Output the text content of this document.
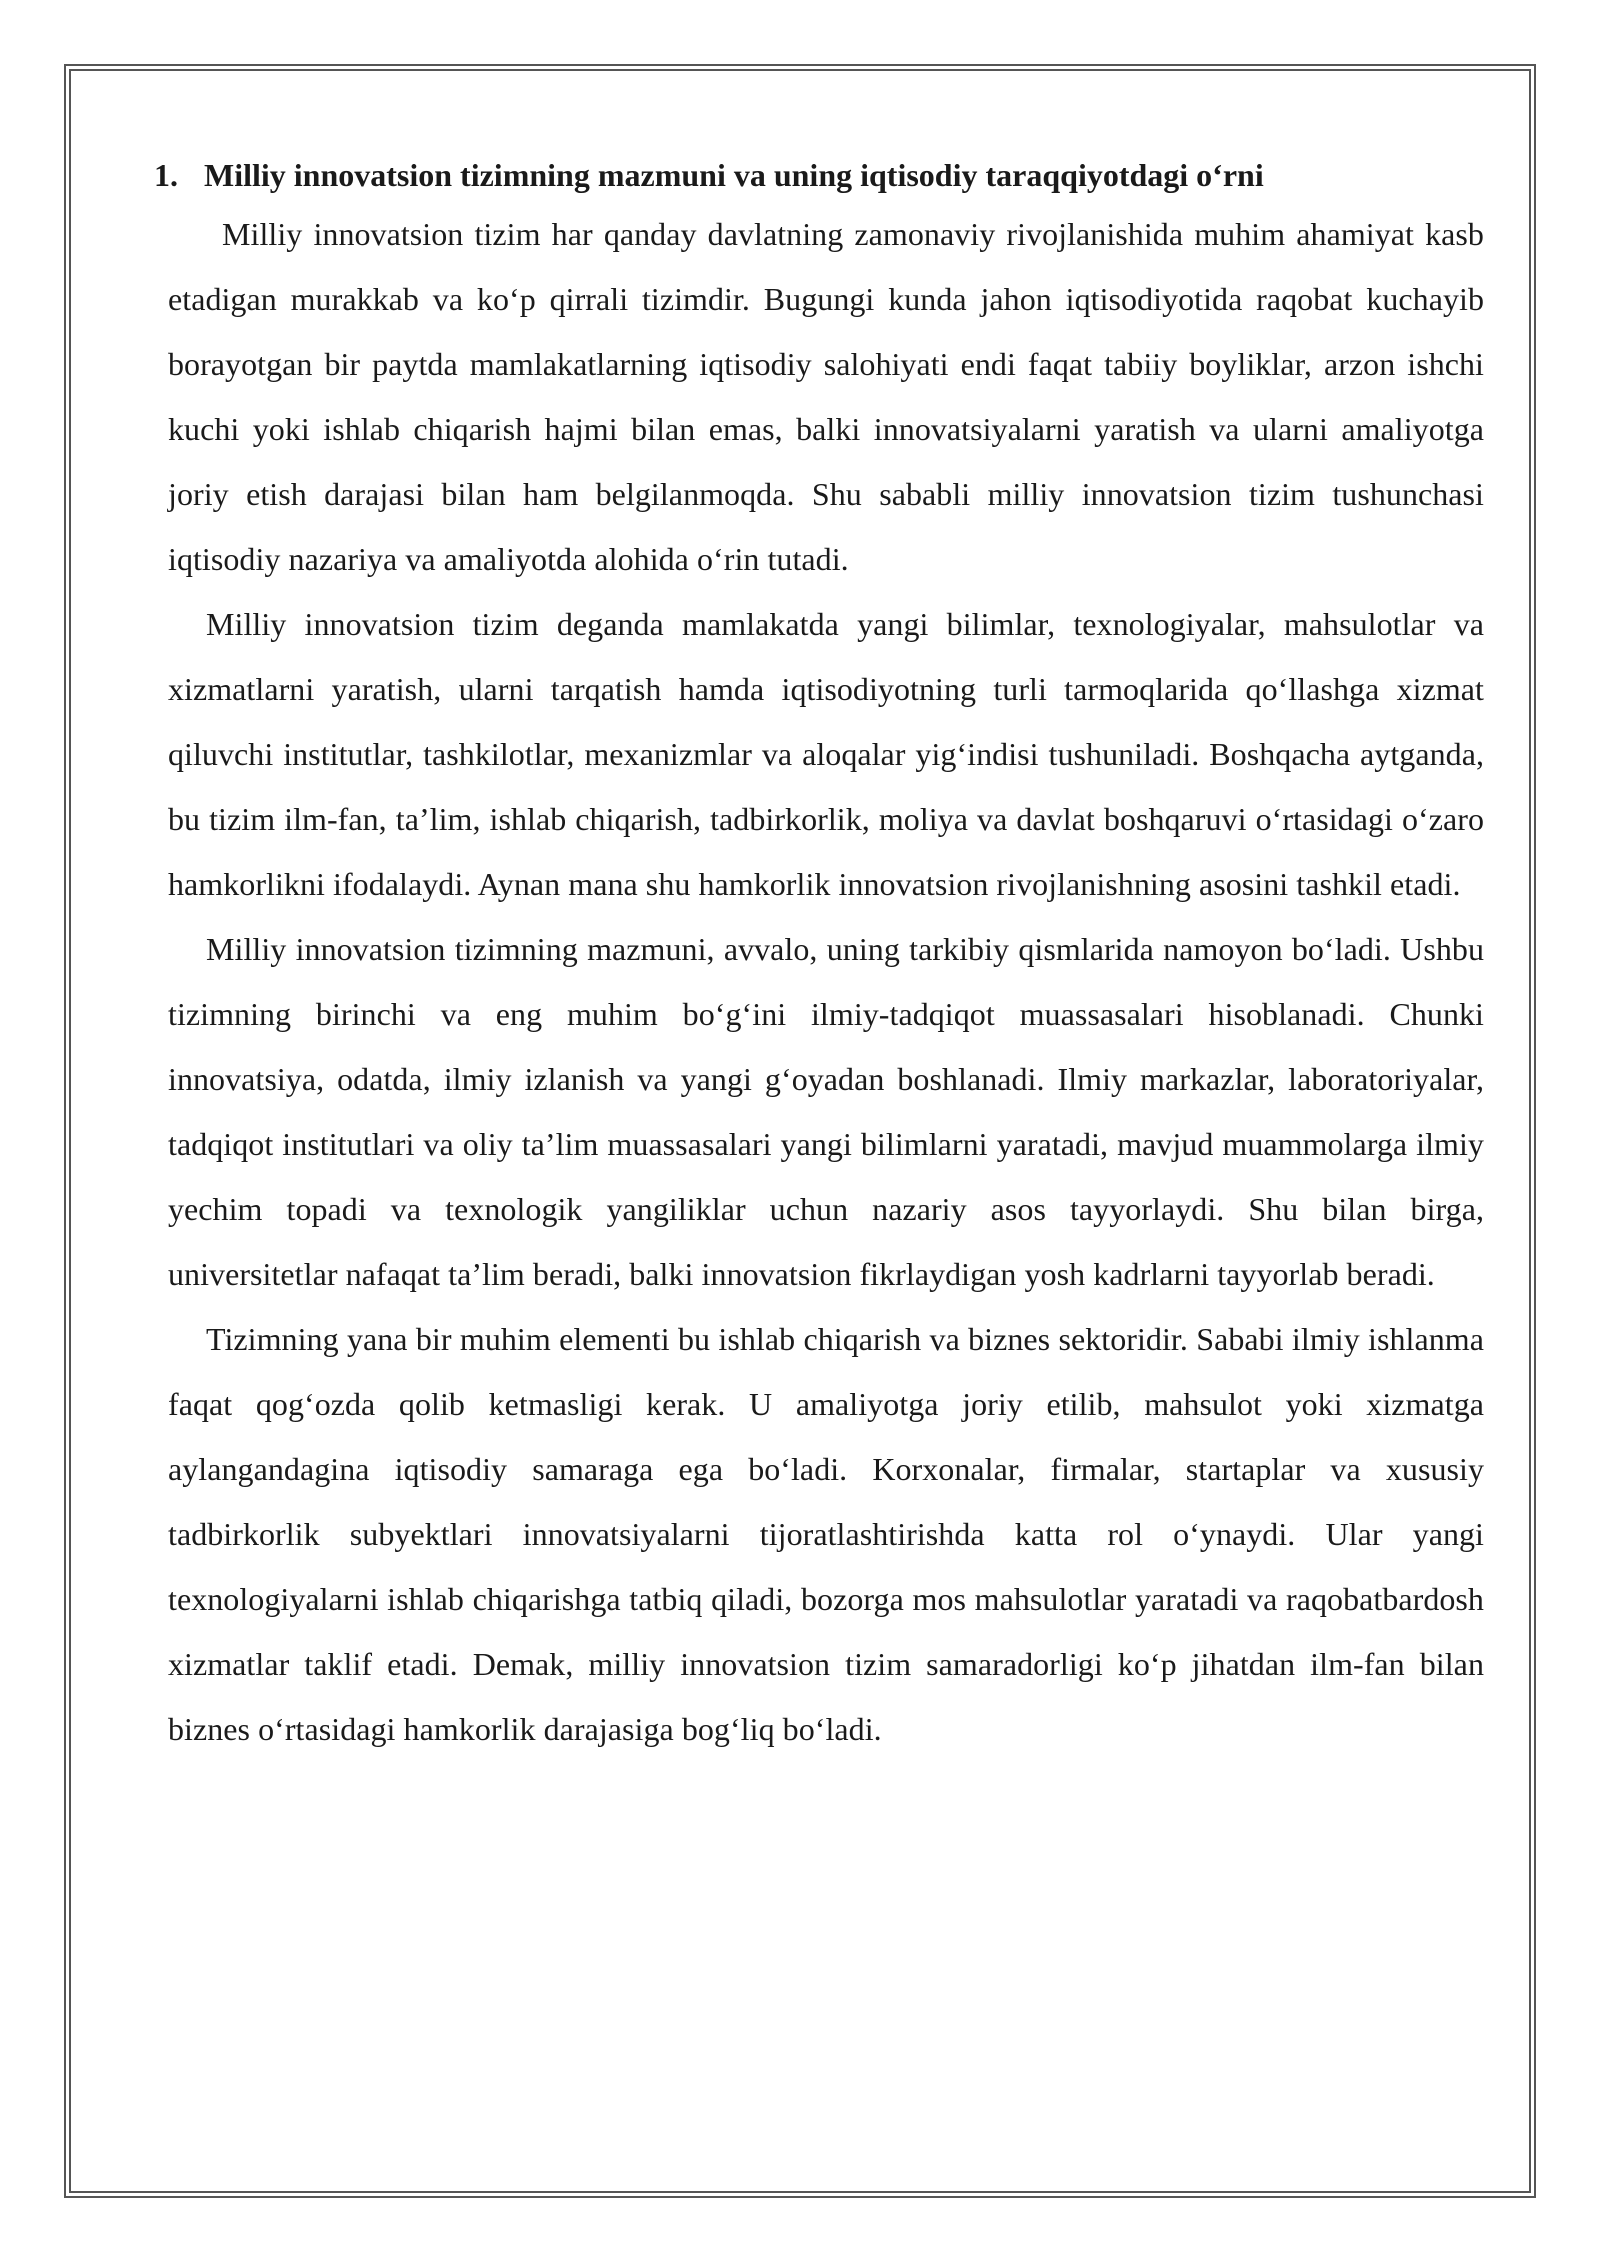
1. Milliy innovatsion tizimning mazmuni va uning iqtisodiy taraqqiyotdagi o‘rni

Milliy innovatsion tizim har qanday davlatning zamonaviy rivojlanishida muhim ahamiyat kasb etadigan murakkab va ko‘p qirrali tizimdir. Bugungi kunda jahon iqtisodiyotida raqobat kuchayib borayotgan bir paytda mamlakatlarning iqtisodiy salohiyati endi faqat tabiiy boyliklar, arzon ishchi kuchi yoki ishlab chiqarish hajmi bilan emas, balki innovatsiyalarni yaratish va ularni amaliyotga joriy etish darajasi bilan ham belgilanmoqda. Shu sababli milliy innovatsion tizim tushunchasi iqtisodiy nazariya va amaliyotda alohida o‘rin tutadi.

Milliy innovatsion tizim deganda mamlakatda yangi bilimlar, texnologiyalar, mahsulotlar va xizmatlarni yaratish, ularni tarqatish hamda iqtisodiyotning turli tarmoqlarida qo‘llashga xizmat qiluvchi institutlar, tashkilotlar, mexanizmlar va aloqalar yig‘indisi tushuniladi. Boshqacha aytganda, bu tizim ilm-fan, ta’lim, ishlab chiqarish, tadbirkorlik, moliya va davlat boshqaruvi o‘rtasidagi o‘zaro hamkorlikni ifodalaydi. Aynan mana shu hamkorlik innovatsion rivojlanishning asosini tashkil etadi.

Milliy innovatsion tizimning mazmuni, avvalo, uning tarkibiy qismlarida namoyon bo‘ladi. Ushbu tizimning birinchi va eng muhim bo‘g‘ini ilmiy-tadqiqot muassasalari hisoblanadi. Chunki innovatsiya, odatda, ilmiy izlanish va yangi g‘oyadan boshlanadi. Ilmiy markazlar, laboratoriyalar, tadqiqot institutlari va oliy ta’lim muassasalari yangi bilimlarni yaratadi, mavjud muammolarga ilmiy yechim topadi va texnologik yangiliklar uchun nazariy asos tayyorlaydi. Shu bilan birga, universitetlar nafaqat ta’lim beradi, balki innovatsion fikrlaydigan yosh kadrlarni tayyorlab beradi.

Tizimning yana bir muhim elementi bu ishlab chiqarish va biznes sektoridir. Sababi ilmiy ishlanma faqat qog‘ozda qolib ketmasligi kerak. U amaliyotga joriy etilib, mahsulot yoki xizmatga aylangandagina iqtisodiy samaraga ega bo‘ladi. Korxonalar, firmalar, startaplar va xususiy tadbirkorlik subyektlari innovatsiyalarni tijoratlashtirishda katta rol o‘ynaydi. Ular yangi texnologiyalarni ishlab chiqarishga tatbiq qiladi, bozorga mos mahsulotlar yaratadi va raqobatbardosh xizmatlar taklif etadi. Demak, milliy innovatsion tizim samaradorligi ko‘p jihatdan ilm-fan bilan biznes o‘rtasidagi hamkorlik darajasiga bog‘liq bo‘ladi.
